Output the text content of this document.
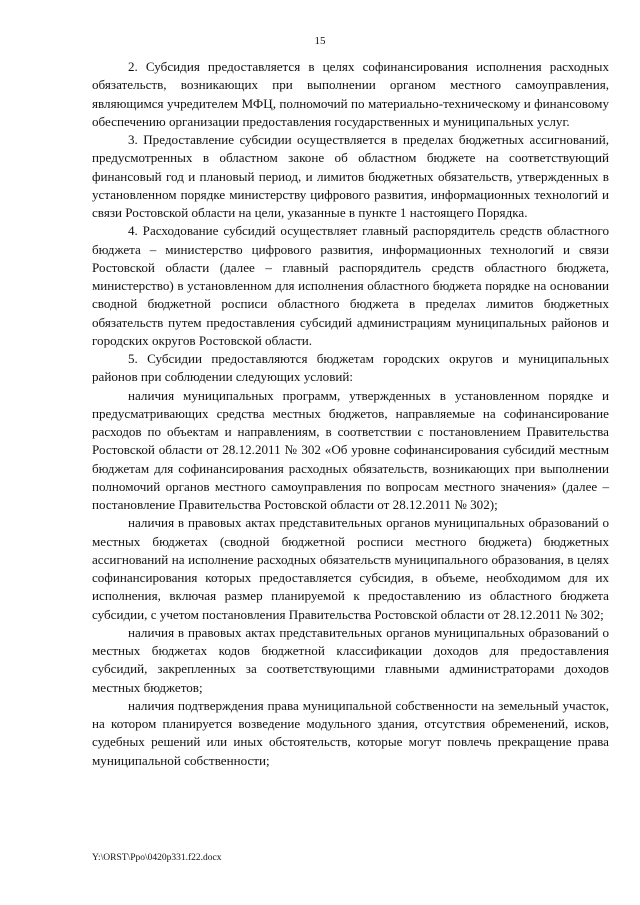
15

2. Субсидия предоставляется в целях софинансирования исполнения расходных обязательств, возникающих при выполнении органом местного самоуправления, являющимся учредителем МФЦ, полномочий по материально-техническому и финансовому обеспечению организации предоставления государственных и муниципальных услуг.

3. Предоставление субсидии осуществляется в пределах бюджетных ассигнований, предусмотренных в областном законе об областном бюджете на соответствующий финансовый год и плановый период, и лимитов бюджетных обязательств, утвержденных в установленном порядке министерству цифрового развития, информационных технологий и связи Ростовской области на цели, указанные в пункте 1 настоящего Порядка.

4. Расходование субсидий осуществляет главный распорядитель средств областного бюджета – министерство цифрового развития, информационных технологий и связи Ростовской области (далее – главный распорядитель средств областного бюджета, министерство) в установленном для исполнения областного бюджета порядке на основании сводной бюджетной росписи областного бюджета в пределах лимитов бюджетных обязательств путем предоставления субсидий администрациям муниципальных районов и городских округов Ростовской области.

5. Субсидии предоставляются бюджетам городских округов и муниципальных районов при соблюдении следующих условий:

наличия муниципальных программ, утвержденных в установленном порядке и предусматривающих средства местных бюджетов, направляемые на софинансирование расходов по объектам и направлениям, в соответствии с постановлением Правительства Ростовской области от 28.12.2011 № 302 «Об уровне софинансирования субсидий местным бюджетам для софинансирования расходных обязательств, возникающих при выполнении полномочий органов местного самоуправления по вопросам местного значения» (далее – постановление Правительства Ростовской области от 28.12.2011 № 302);

наличия в правовых актах представительных органов муниципальных образований о местных бюджетах (сводной бюджетной росписи местного бюджета) бюджетных ассигнований на исполнение расходных обязательств муниципального образования, в целях софинансирования которых предоставляется субсидия, в объеме, необходимом для их исполнения, включая размер планируемой к предоставлению из областного бюджета субсидии, с учетом постановления Правительства Ростовской области от 28.12.2011 № 302;

наличия в правовых актах представительных органов муниципальных образований о местных бюджетах кодов бюджетной классификации доходов для предоставления субсидий, закрепленных за соответствующими главными администраторами доходов местных бюджетов;

наличия подтверждения права муниципальной собственности на земельный участок, на котором планируется возведение модульного здания, отсутствия обременений, исков, судебных решений или иных обстоятельств, которые могут повлечь прекращение права муниципальной собственности;

Y:\ORST\Ppo\0420p331.f22.docx
